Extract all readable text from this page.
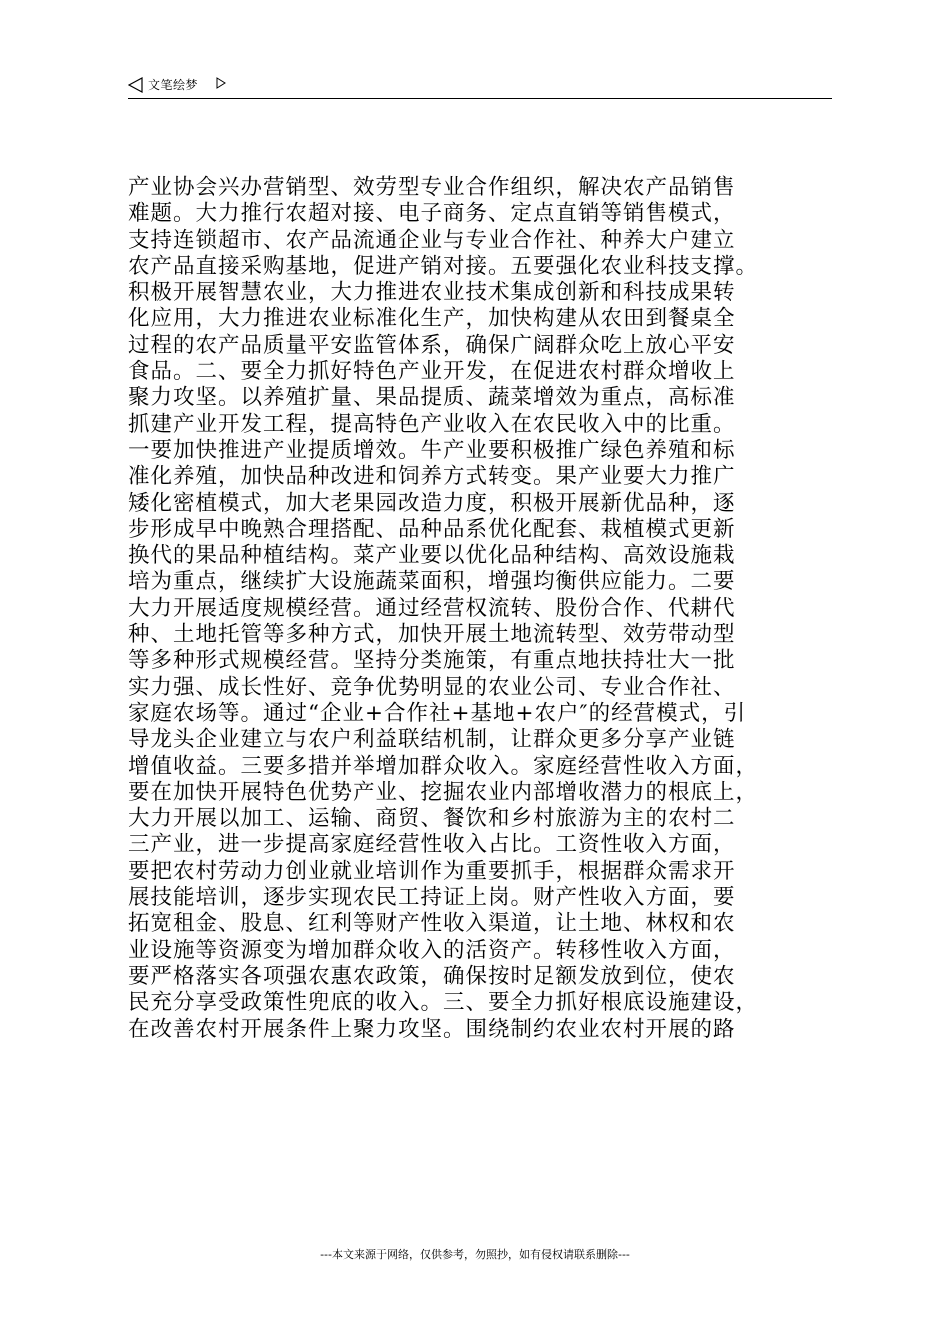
文笔绘梦
产业协会兴办营销型、效劳型专业合作组织，解决农产品销售
难题。大力推行农超对接、电子商务、定点直销等销售模式，
支持连锁超市、农产品流通企业与专业合作社、种养大户建立
农产品直接采购基地，促进产销对接。五要强化农业科技支撑。
积极开展智慧农业，大力推进农业技术集成创新和科技成果转
化应用，大力推进农业标准化生产，加快构建从农田到餐桌全
过程的农产品质量平安监管体系，确保广阔群众吃上放心平安
食品。二、要全力抓好特色产业开发，在促进农村群众增收上
聚力攻坚。以养殖扩量、果品提质、蔬菜增效为重点，高标准
抓建产业开发工程，提高特色产业收入在农民收入中的比重。
一要加快推进产业提质增效。牛产业要积极推广绿色养殖和标
准化养殖，加快品种改进和饲养方式转变。果产业要大力推广
矮化密植模式，加大老果园改造力度，积极开展新优品种，逐
步形成早中晚熟合理搭配、品种品系优化配套、栽植模式更新
换代的果品种植结构。菜产业要以优化品种结构、高效设施栽
培为重点，继续扩大设施蔬菜面积，增强均衡供应能力。二要
大力开展适度规模经营。通过经营权流转、股份合作、代耕代
种、土地托管等多种方式，加快开展土地流转型、效劳带动型
等多种形式规模经营。坚持分类施策，有重点地扶持壮大一批
实力强、成长性好、竞争优势明显的农业公司、专业合作社、
家庭农场等。通过“企业+合作社+基地+农户″的经营模式，引
导龙头企业建立与农户利益联结机制，让群众更多分享产业链
增值收益。三要多措并举增加群众收入。家庭经营性收入方面，
要在加快开展特色优势产业、挖掘农业内部增收潜力的根底上，
大力开展以加工、运输、商贸、餐饮和乡村旅游为主的农村二
三产业，进一步提高家庭经营性收入占比。工资性收入方面，
要把农村劳动力创业就业培训作为重要抓手，根据群众需求开
展技能培训，逐步实现农民工持证上岗。财产性收入方面，要
拓宽租金、股息、红利等财产性收入渠道，让土地、林权和农
业设施等资源变为增加群众收入的活资产。转移性收入方面，
要严格落实各项强农惠农政策，确保按时足额发放到位，使农
民充分享受政策性兜底的收入。三、要全力抓好根底设施建设，
在改善农村开展条件上聚力攻坚。围绕制约农业农村开展的路
---本文来源于网络，仅供参考，勿照抄，如有侵权请联系删除---
